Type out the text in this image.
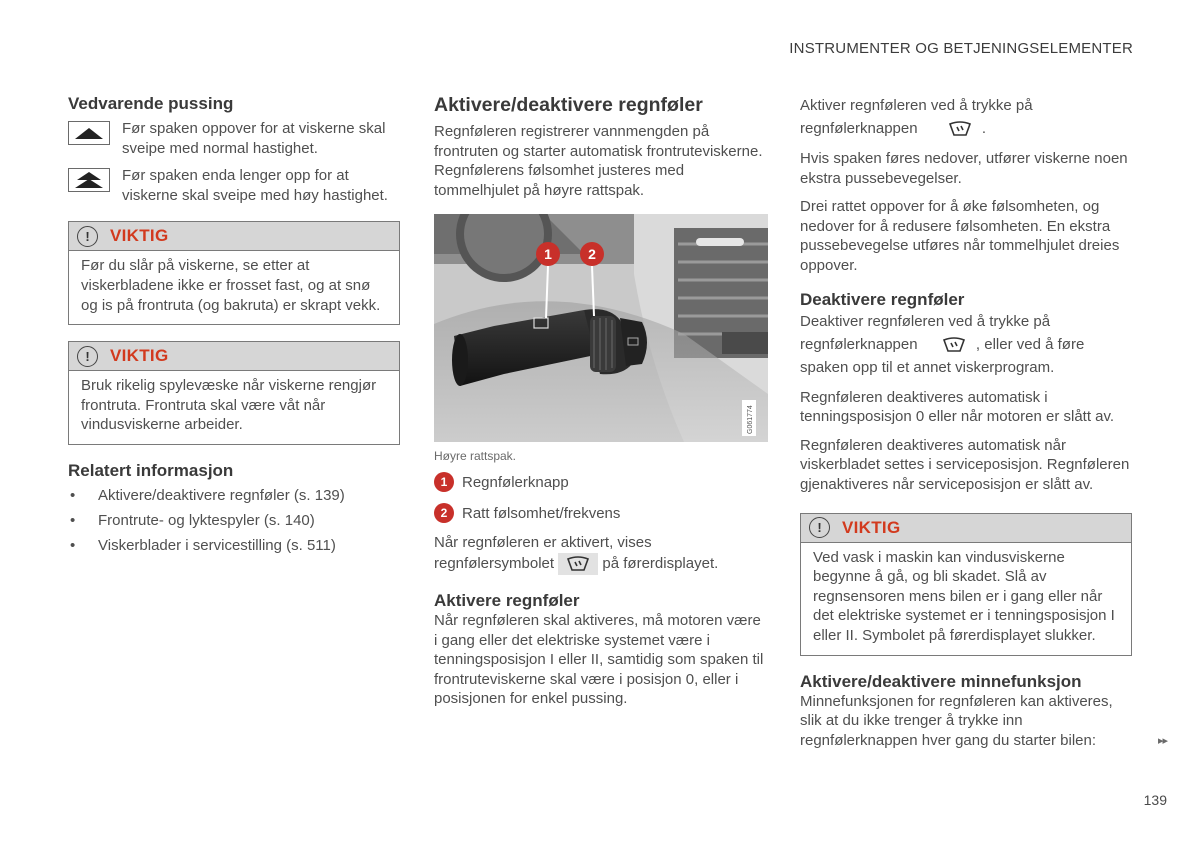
INSTRUMENTER OG BETJENINGSELEMENTER
Vedvarende pussing

Før spaken oppover for at viskerne skal sveipe med normal hastighet.

Før spaken enda lenger opp for at viskerne skal sveipe med høy hastighet.

!	VIKTIG

Før du slår på viskerne, se etter at viskerbladene ikke er frosset fast, og at snø og is på frontruta (og bakruta) er skrapt vekk.

!	VIKTIG

Bruk rikelig spylevæske når viskerne rengjør frontruta. Frontruta skal være våt når vindusviskerne arbeider.

Relatert informasjon
•	Aktivere/deaktivere regnføler (s. 139)
•	Frontrute- og lyktespyler (s. 140)
•	Viskerblader i servicestilling (s. 511)
Aktivere/deaktivere regnføler

Regnføleren registrerer vannmengden på frontruten og starter automatisk frontruteviskerne. Regnfølerens følsomhet justeres med tommelhjulet på høyre rattspak.

1	2
G061774
Høyre rattspak.
1 Regnfølerknapp
2 Ratt følsomhet/frekvens

Når regnføleren er aktivert, vises regnfølersymbolet	på førerdisplayet.

Aktivere regnføler

Når regnføleren skal aktiveres, må motoren være i gang eller det elektriske systemet være i tenningsposisjon I eller II, samtidig som spaken til frontruteviskerne skal være i posisjon 0, eller i posisjonen for enkel pussing.

Aktiver regnføleren ved å trykke på regnfølerknappen	.

Hvis spaken føres nedover, utfører viskerne noen ekstra pussebevegelser.

Drei rattet oppover for å øke følsomheten, og nedover for å redusere følsomheten. En ekstra pussebevegelse utføres når tommelhjulet dreies oppover.

Deaktivere regnføler

Deaktiver regnføleren ved å trykke på regnfølerknappen	, eller ved å føre spaken opp til et annet viskerprogram.

Regnføleren deaktiveres automatisk i tenningsposisjon 0 eller når motoren er slått av.

Regnføleren deaktiveres automatisk når viskerbladet settes i serviceposisjon. Regnføleren gjenaktiveres når serviceposisjon er slått av.

!	VIKTIG

Ved vask i maskin kan vindusviskerne begynne å gå, og bli skadet. Slå av regnsensoren mens bilen er i gang eller når det elektriske systemet er i tenningsposisjon I eller II. Symbolet på førerdisplayet slukker.

Aktivere/deaktivere minnefunksjon

Minnefunksjonen for regnføleren kan aktiveres, slik at du ikke trenger å trykke inn regnfølerknappen hver gang du starter bilen:	▸▸
139
